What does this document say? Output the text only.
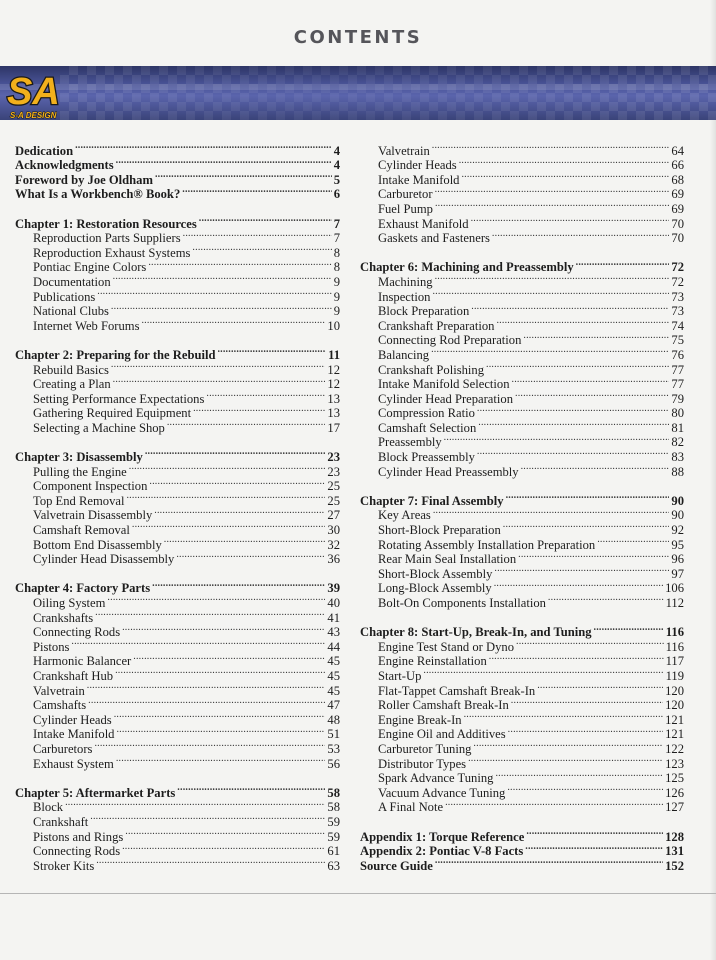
CONTENTS
SA
S-A DESIGN
Dedication .....	4
Acknowledgments .....	4
Foreword by Joe Oldham .....	5
What Is a Workbench® Book? .....	6
Chapter 1: Restoration Resources .....	7
Reproduction Parts Suppliers .....	7
Reproduction Exhaust Systems .....	8
Pontiac Engine Colors .....	8
Documentation .....	9
Publications .....	9
National Clubs .....	9
Internet Web Forums .....	10
Chapter 2: Preparing for the Rebuild .....	11
Rebuild Basics .....	12
Creating a Plan .....	12
Setting Performance Expectations .....	13
Gathering Required Equipment .....	13
Selecting a Machine Shop .....	17
Chapter 3: Disassembly .....	23
Pulling the Engine .....	23
Component Inspection .....	25
Top End Removal .....	25
Valvetrain Disassembly .....	27
Camshaft Removal .....	30
Bottom End Disassembly .....	32
Cylinder Head Disassembly .....	36
Chapter 4: Factory Parts .....	39
Oiling System .....	40
Crankshafts .....	41
Connecting Rods .....	43
Pistons .....	44
Harmonic Balancer .....	45
Crankshaft Hub .....	45
Valvetrain .....	45
Camshafts .....	47
Cylinder Heads .....	48
Intake Manifold .....	51
Carburetors .....	53
Exhaust System .....	56
Chapter 5: Aftermarket Parts .....	58
Block .....	58
Crankshaft .....	59
Pistons and Rings .....	59
Connecting Rods .....	61
Stroker Kits .....	63
Valvetrain .....	64
Cylinder Heads .....	66
Intake Manifold .....	68
Carburetor .....	69
Fuel Pump .....	69
Exhaust Manifold .....	70
Gaskets and Fasteners .....	70
Chapter 6: Machining and Preassembly .....	72
Machining .....	72
Inspection .....	73
Block Preparation .....	73
Crankshaft Preparation .....	74
Connecting Rod Preparation .....	75
Balancing .....	76
Crankshaft Polishing .....	77
Intake Manifold Selection .....	77
Cylinder Head Preparation .....	79
Compression Ratio .....	80
Camshaft Selection .....	81
Preassembly .....	82
Block Preassembly .....	83
Cylinder Head Preassembly .....	88
Chapter 7: Final Assembly .....	90
Key Areas .....	90
Short-Block Preparation .....	92
Rotating Assembly Installation Preparation .....	95
Rear Main Seal Installation .....	96
Short-Block Assembly .....	97
Long-Block Assembly .....	106
Bolt-On Components Installation .....	112
Chapter 8: Start-Up, Break-In, and Tuning .....	116
Engine Test Stand or Dyno .....	116
Engine Reinstallation .....	117
Start-Up .....	119
Flat-Tappet Camshaft Break-In .....	120
Roller Camshaft Break-In .....	120
Engine Break-In .....	121
Engine Oil and Additives .....	121
Carburetor Tuning .....	122
Distributor Types .....	123
Spark Advance Tuning .....	125
Vacuum Advance Tuning .....	126
A Final Note .....	127
Appendix 1: Torque Reference .....	128
Appendix 2: Pontiac V-8 Facts .....	131
Source Guide .....	152
